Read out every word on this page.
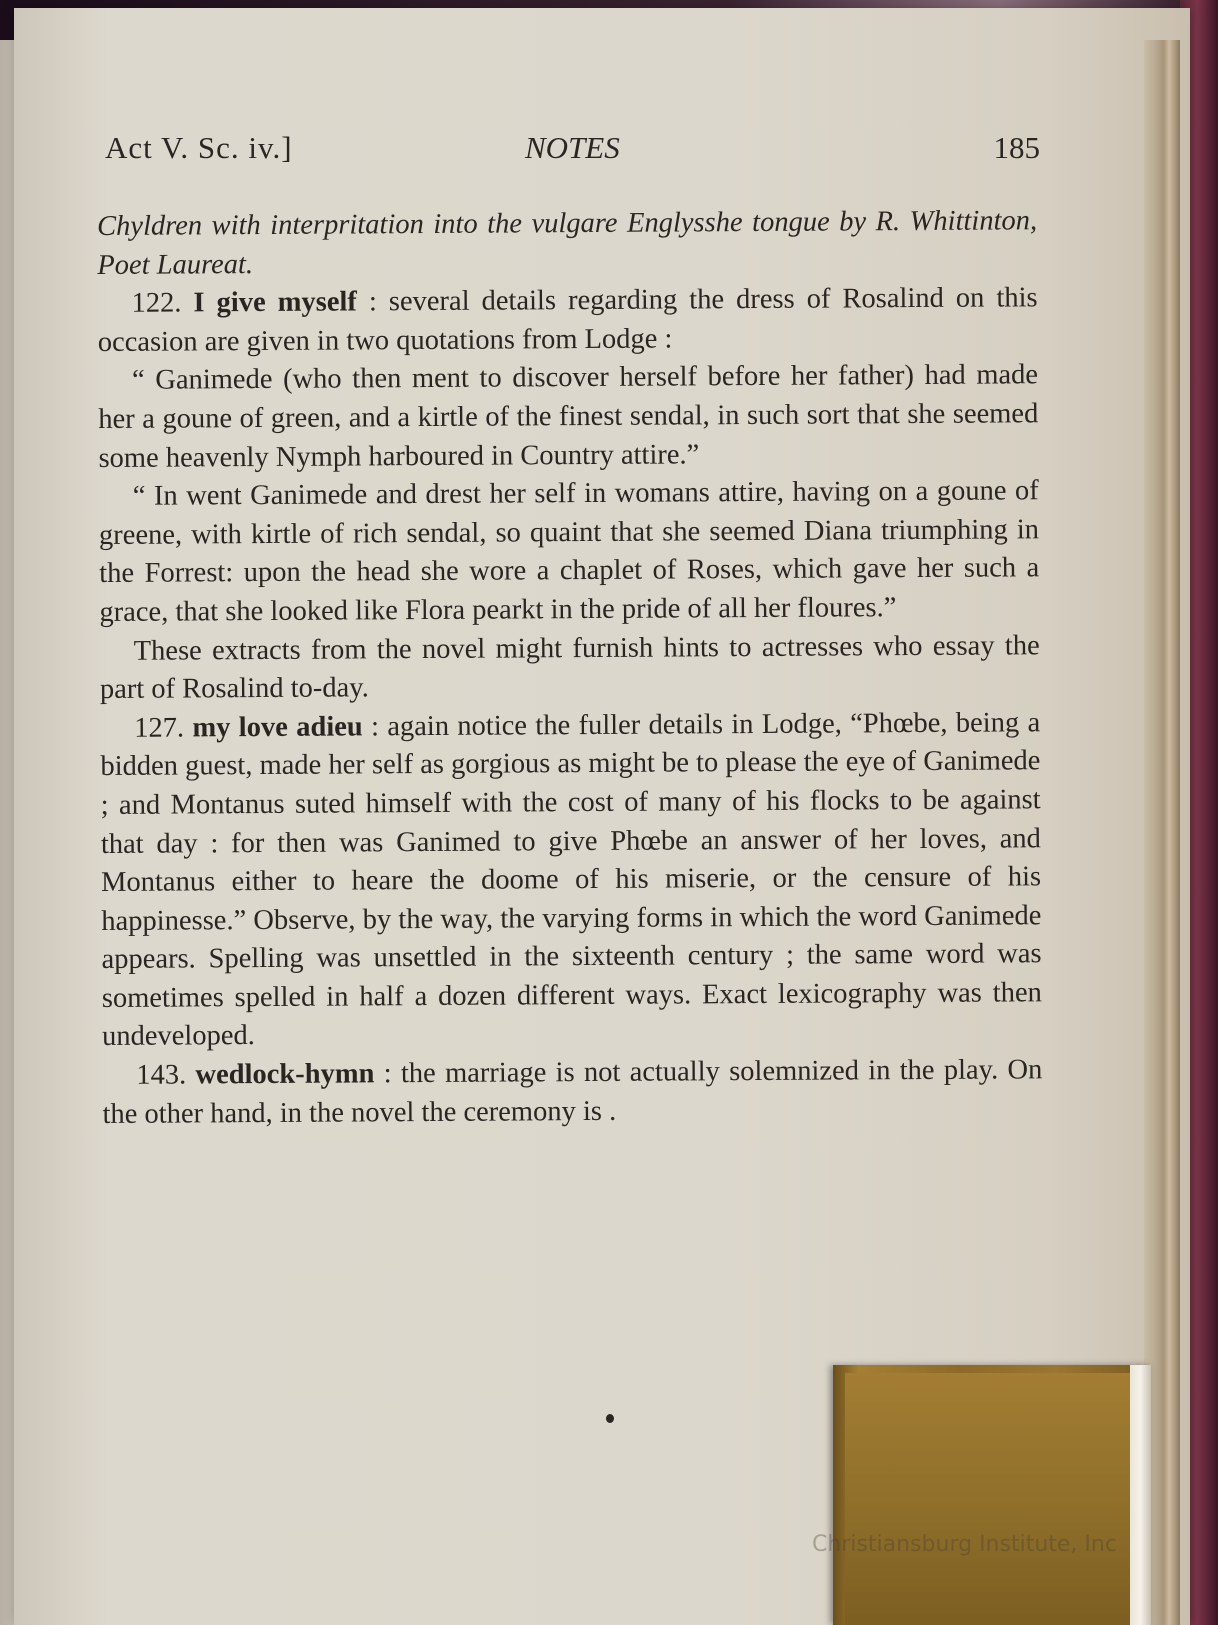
Act V. Sc. iv.]	NOTES	185

Chyldren with interpritation into the vulgare Englysshe tongue by R. Whittinton, Poet Laureat.

122. I give myself : several details regarding the dress of Rosalind on this occasion are given in two quotations from Lodge :

“ Ganimede (who then ment to discover herself before her father) had made her a goune of green, and a kirtle of the finest sendal, in such sort that she seemed some heavenly Nymph harboured in Country attire.”

“ In went Ganimede and drest her self in womans attire, having on a goune of greene, with kirtle of rich sendal, so quaint that she seemed Diana triumphing in the Forrest: upon the head she wore a chaplet of Roses, which gave her such a grace, that she looked like Flora pearkt in the pride of all her floures.”

These extracts from the novel might furnish hints to actresses who essay the part of Rosalind to-day.

127. my love adieu : again notice the fuller details in Lodge, “Phœbe, being a bidden guest, made her self as gorgious as might be to please the eye of Ganimede ; and Montanus suted himself with the cost of many of his flocks to be against that day : for then was Ganimed to give Phœbe an answer of her loves, and Montanus either to heare the doome of his miserie, or the censure of his happinesse.” Observe, by the way, the varying forms in which the word Ganimede appears. Spelling was unsettled in the sixteenth century ; the same word was sometimes spelled in half a dozen different ways. Exact lexicography was then undeveloped.

143. wedlock-hymn : the marriage is not actually solemnized in the play. On the other hand, in the novel the ceremony is .

Christiansburg Institute, Inc
